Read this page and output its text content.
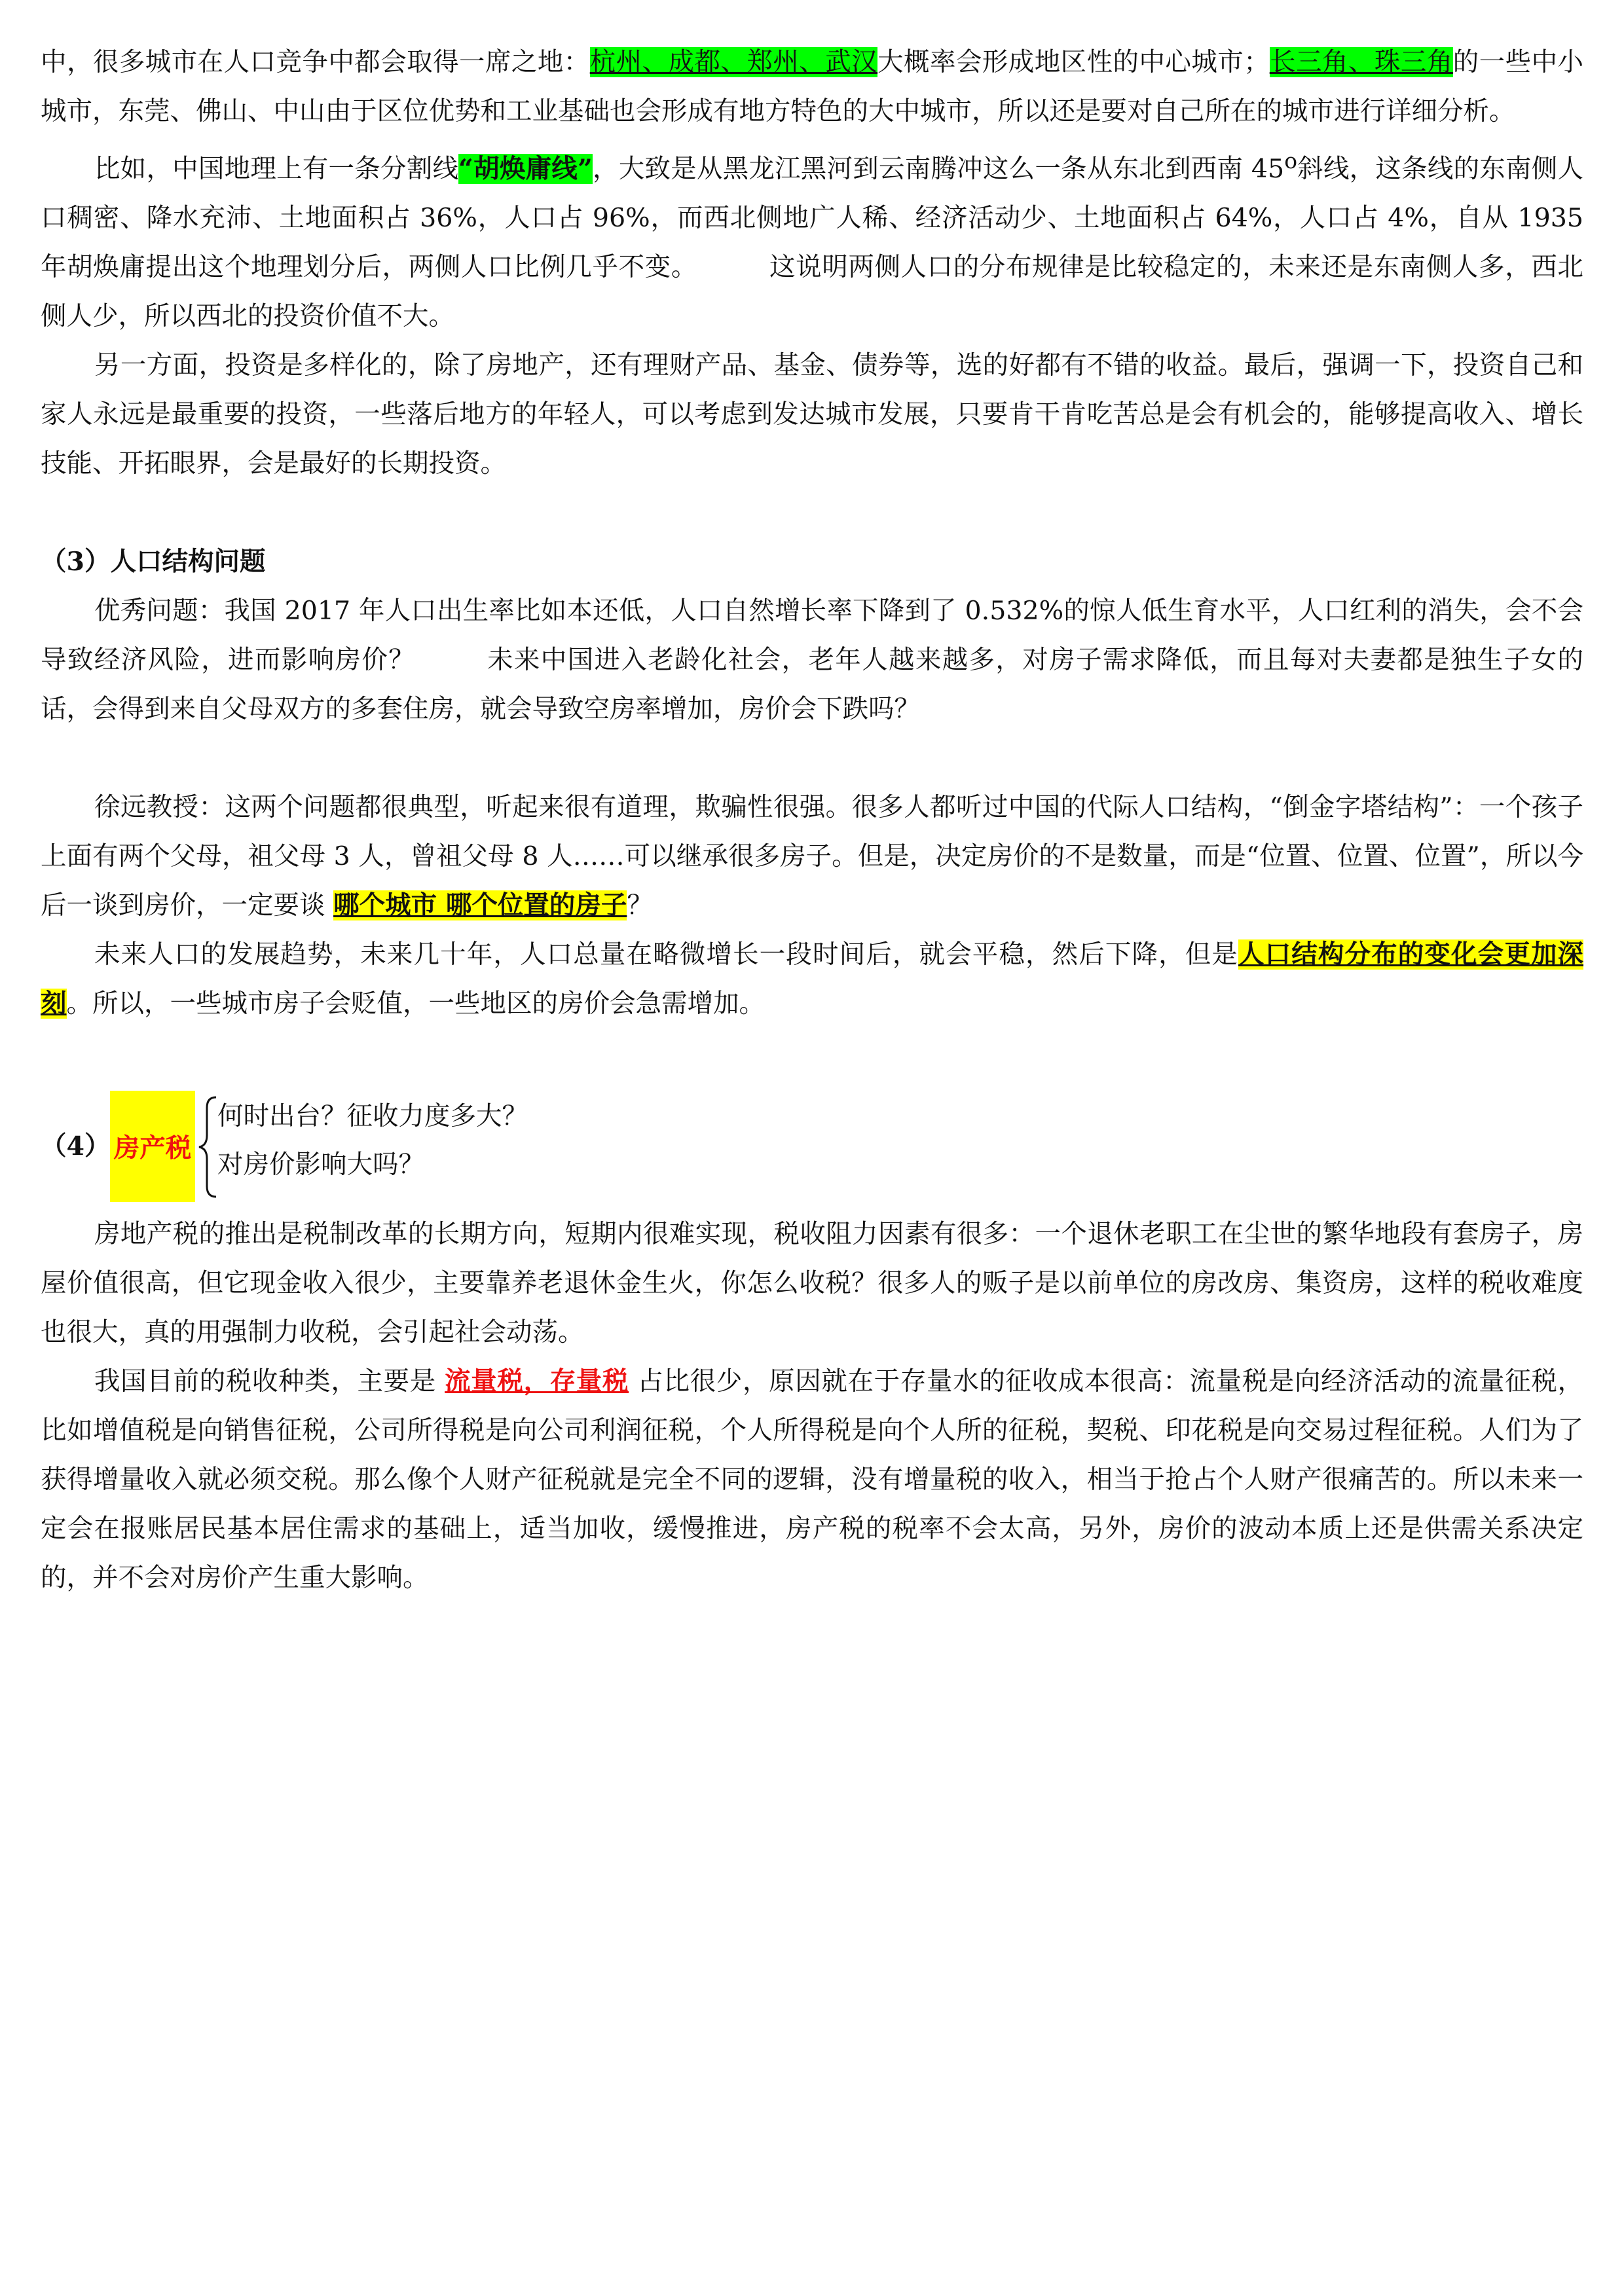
中，很多城市在人口竞争中都会取得一席之地：杭州、成都、郑州、武汉大概率会形成地区性的中心城市；长三角、珠三角的一些中小城市，东莞、佛山、中山由于区位优势和工业基础也会形成有地方特色的大中城市，所以还是要对自己所在的城市进行详细分析。

比如，中国地理上有一条分割线“胡焕庸线”，大致是从黑龙江黑河到云南腾冲这么一条从东北到西南 45$^o$斜线，这条线的东南侧人口稠密、降水充沛、土地面积占 36%，人口占 96%，而西北侧地广人稀、经济活动少、土地面积占 64%，人口占 4%，自从 1935 年胡焕庸提出这个地理划分后，两侧人口比例几乎不变。	这说明两侧人口的分布规律是比较稳定的，未来还是东南侧人多，西北侧人少，所以西北的投资价值不大。

另一方面，投资是多样化的，除了房地产，还有理财产品、基金、债券等，选的好都有不错的收益。最后，强调一下，投资自己和家人永远是最重要的投资，一些落后地方的年轻人，可以考虑到发达城市发展，只要肯干肯吃苦总是会有机会的，能够提高收入、增长技能、开拓眼界，会是最好的长期投资。

（3）人口结构问题

优秀问题：我国 2017 年人口出生率比如本还低，人口自然增长率下降到了 0.532%的惊人低生育水平，人口红利的消失，会不会导致经济风险，进而影响房价？	未来中国进入老龄化社会，老年人越来越多，对房子需求降低，而且每对夫妻都是独生子女的话，会得到来自父母双方的多套住房，就会导致空房率增加，房价会下跌吗？

徐远教授：这两个问题都很典型，听起来很有道理，欺骗性很强。很多人都听过中国的代际人口结构，“倒金字塔结构”：一个孩子上面有两个父母，祖父母 3 人，曾祖父母 8 人……可以继承很多房子。但是，决定房价的不是数量，而是“位置、位置、位置”，所以今后一谈到房价，一定要谈 哪个城市 哪个位置的房子？

未来人口的发展趋势，未来几十年，人口总量在略微增长一段时间后，就会平稳，然后下降，但是人口结构分布的变化会更加深刻。所以，一些城市房子会贬值，一些地区的房价会急需增加。

（4） 房产税
何时出台？征收力度多大？
对房价影响大吗？

房地产税的推出是税制改革的长期方向，短期内很难实现，税收阻力因素有很多：一个退休老职工在尘世的繁华地段有套房子，房屋价值很高，但它现金收入很少，主要靠养老退休金生火，你怎么收税？很多人的贩子是以前单位的房改房、集资房，这样的税收难度也很大，真的用强制力收税，会引起社会动荡。

我国目前的税收种类，主要是 流量税，存量税 占比很少，原因就在于存量水的征收成本很高：流量税是向经济活动的流量征税，比如增值税是向销售征税，公司所得税是向公司利润征税，个人所得税是向个人所的征税，契税、印花税是向交易过程征税。人们为了获得增量收入就必须交税。那么像个人财产征税就是完全不同的逻辑，没有增量税的收入，相当于抢占个人财产很痛苦的。所以未来一定会在报账居民基本居住需求的基础上，适当加收，缓慢推进，房产税的税率不会太高，另外，房价的波动本质上还是供需关系决定的，并不会对房价产生重大影响。
